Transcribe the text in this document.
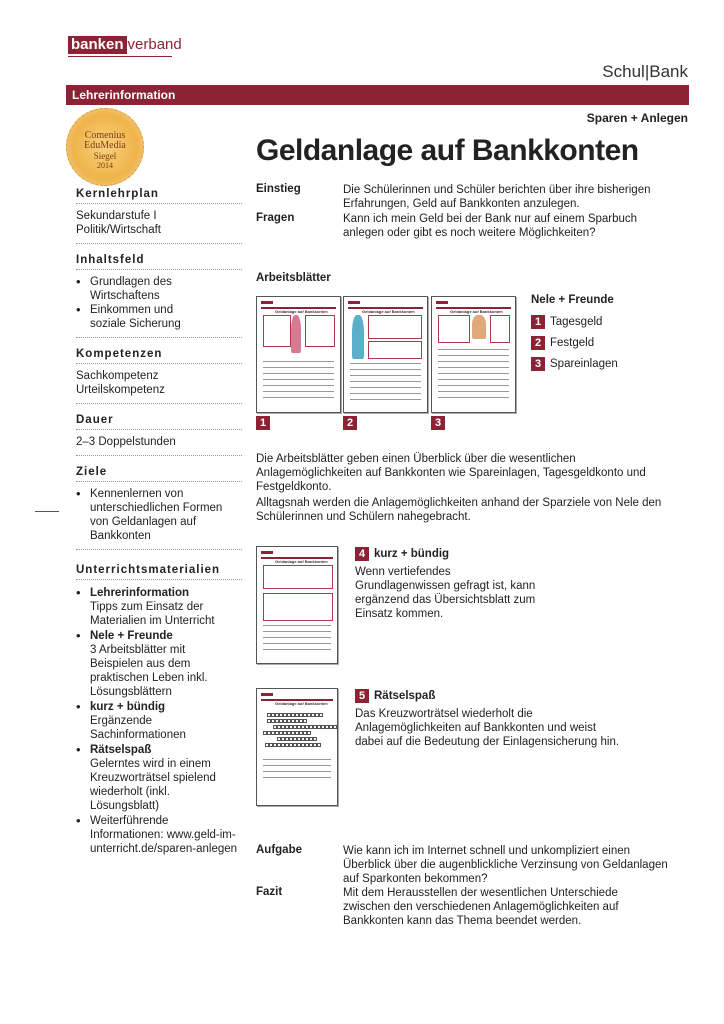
banken verband
Schul|Bank
Lehrerinformation
Sparen + Anlegen
Geldanlage auf Bankkonten
Comenius
EduMedia
Siegel
2014
Kernlehrplan
Sekundarstufe I
Politik/Wirtschaft
Inhaltsfeld
• Grundlagen des Wirtschaftens
• Einkommen und soziale Sicherung
Kompetenzen
Sachkompetenz
Urteilskompetenz
Dauer
2–3 Doppelstunden
Ziele
• Kennenlernen von unterschiedlichen Formen von Geldanlagen auf Bankkonten
Unterrichtsmaterialien
• Lehrerinformation
Tipps zum Einsatz der Materialien im Unterricht
• Nele + Freunde
3 Arbeitsblätter mit Beispielen aus dem praktischen Leben inkl. Lösungsblättern
• kurz + bündig
Ergänzende Sachinformationen
• Rätselspaß
Gelerntes wird in einem Kreuzworträtsel spielend wiederholt (inkl. Lösungsblatt)
• Weiterführende Informationen: www.geld-im-unterricht.de/sparen-anlegen
Einstieg	Die Schülerinnen und Schüler berichten über ihre bisherigen Erfahrungen, Geld auf Bankkonten anzulegen.
Fragen	Kann ich mein Geld bei der Bank nur auf einem Sparbuch anlegen oder gibt es noch weitere Möglichkeiten?
Arbeitsblätter
Geldanlage auf Bankkonten	Geldanlage auf Bankkonten	Geldanlage auf Bankkonten
1	2	3
Nele + Freunde
1 Tagesgeld
2 Festgeld
3 Spareinlagen
Die Arbeitsblätter geben einen Überblick über die wesentlichen Anlagemöglichkeiten auf Bankkonten wie Spareinlagen, Tagesgeldkonto und Festgeldkonto.
Alltagsnah werden die Anlagemöglichkeiten anhand der Sparziele von Nele den Schülerinnen und Schülern nahegebracht.
Geldanlage auf Bankkonten
4 kurz + bündig
Wenn vertiefendes Grundlagenwissen gefragt ist, kann ergänzend das Übersichtsblatt zum Einsatz kommen.
Geldanlage auf Bankkonten
5 Rätselspaß
Das Kreuzworträtsel wiederholt die Anlagemöglichkeiten auf Bankkonten und weist dabei auf die Bedeutung der Einlagensicherung hin.
Aufgabe	Wie kann ich im Internet schnell und unkompliziert einen Überblick über die augenblickliche Verzinsung von Geldanlagen auf Sparkonten bekommen?
Fazit	Mit dem Herausstellen der wesentlichen Unterschiede zwischen den verschiedenen Anlagemöglichkeiten auf Bankkonten kann das Thema beendet werden.
